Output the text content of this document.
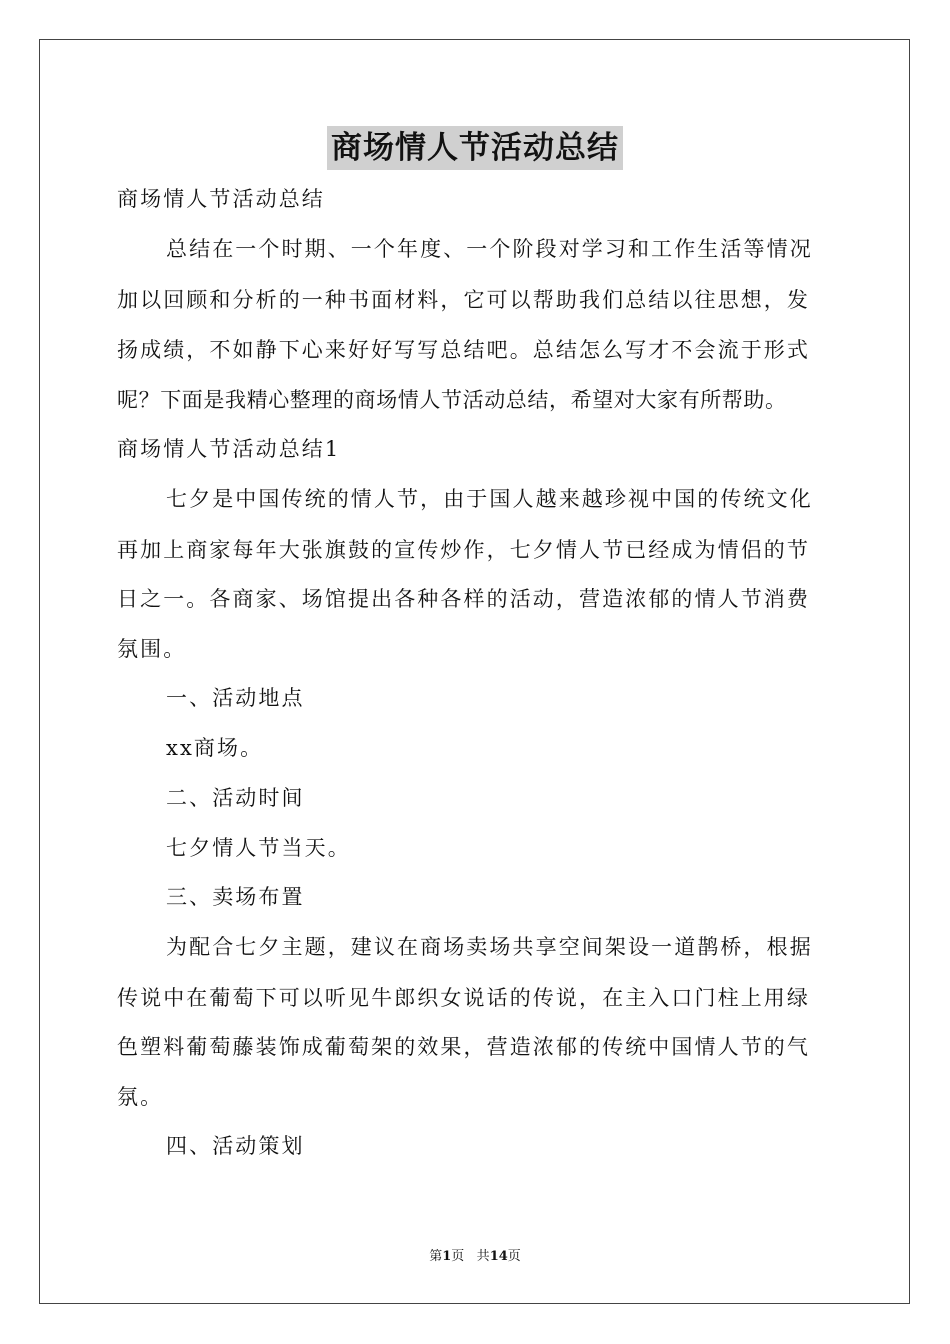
商场情人节活动总结
商场情人节活动总结
总结在一个时期、一个年度、一个阶段对学习和工作生活等情况
加以回顾和分析的一种书面材料，它可以帮助我们总结以往思想，发
扬成绩，不如静下心来好好写写总结吧。总结怎么写才不会流于形式
呢？下面是我精心整理的商场情人节活动总结，希望对大家有所帮助。
商场情人节活动总结1
七夕是中国传统的情人节，由于国人越来越珍视中国的传统文化
再加上商家每年大张旗鼓的宣传炒作，七夕情人节已经成为情侣的节
日之一。各商家、场馆提出各种各样的活动，营造浓郁的情人节消费
氛围。
一、活动地点
xx商场。
二、活动时间
七夕情人节当天。
三、卖场布置
为配合七夕主题，建议在商场卖场共享空间架设一道鹊桥，根据
传说中在葡萄下可以听见牛郎织女说话的传说，在主入口门柱上用绿
色塑料葡萄藤装饰成葡萄架的效果，营造浓郁的传统中国情人节的气
氛。
四、活动策划
第1页 共14页
